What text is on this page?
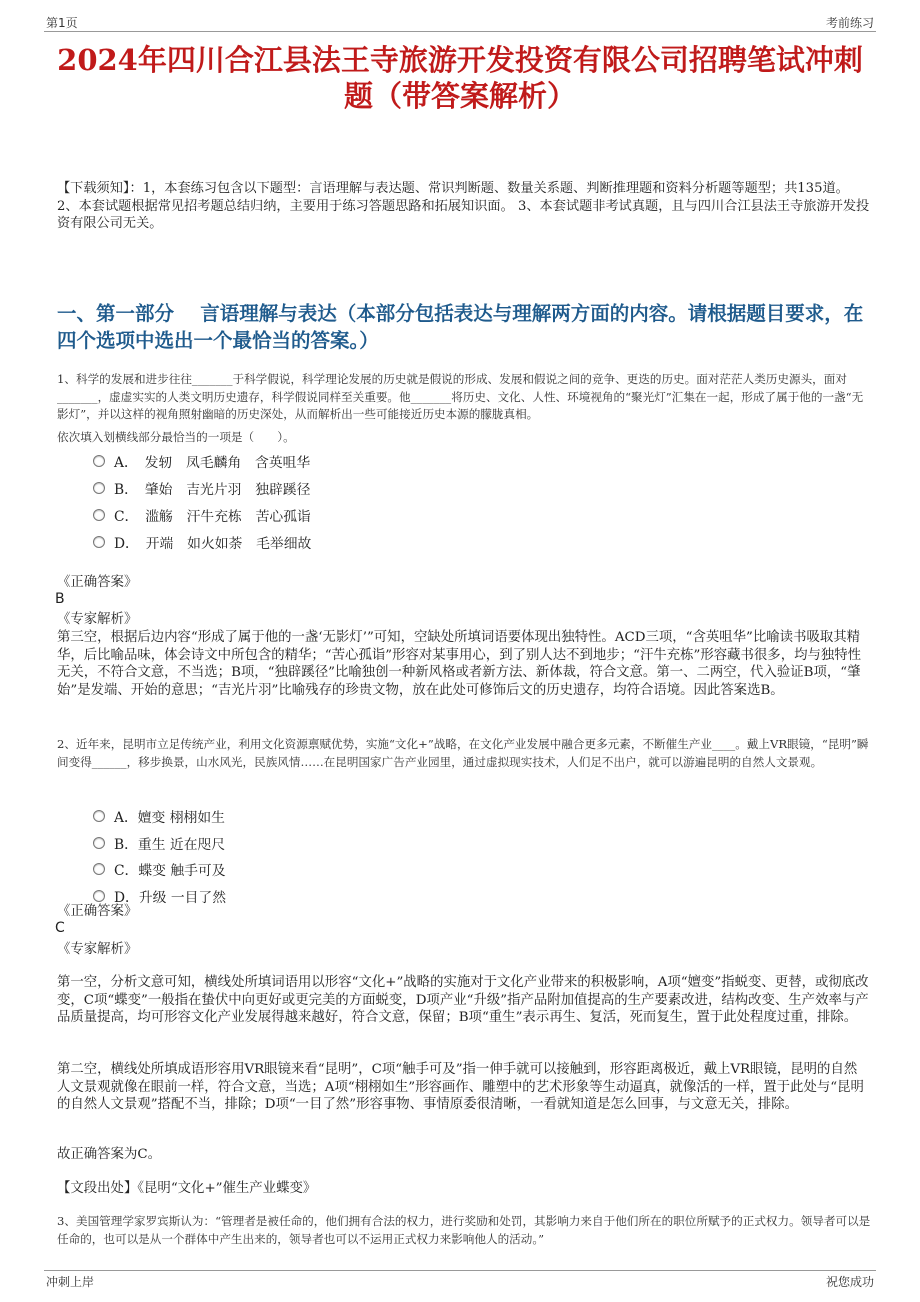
第1页	考前练习
2024年四川合江县法王寺旅游开发投资有限公司招聘笔试冲刺题（带答案解析）

【下载须知】：1，本套练习包含以下题型：言语理解与表达题、常识判断题、数量关系题、判断推理题和资料分析题等题型；共135道。 2、本套试题根据常见招考题总结归纳，主要用于练习答题思路和拓展知识面。 3、本套试题非考试真题，且与四川合江县法王寺旅游开发投资有限公司无关。

一、第一部分　 言语理解与表达（本部分包括表达与理解两方面的内容。请根据题目要求，在四个选项中选出一个最恰当的答案。）

1、科学的发展和进步往往_______于科学假说，科学理论发展的历史就是假说的形成、发展和假说之间的竞争、更迭的历史。面对茫茫人类历史源头，面对_______，虚虚实实的人类文明历史遗存，科学假说同样至关重要。他_______将历史、文化、人性、环境视角的“聚光灯”汇集在一起，形成了属于他的一盏“无影灯”，并以这样的视角照射幽暗的历史深处，从而解析出一些可能接近历史本源的朦胧真相。

依次填入划横线部分最恰当的一项是（　　）。

A．　发轫　凤毛麟角　含英咀华
B．　肇始　吉光片羽　独辟蹊径
C．　滥觞　汗牛充栋　苦心孤诣
D．　开端　如火如荼　毛举细故
《正确答案》
B
《专家解析》

第三空，根据后边内容“形成了属于他的一盏‘无影灯’”可知，空缺处所填词语要体现出独特性。ACD三项，“含英咀华”比喻读书吸取其精华，后比喻品味，体会诗文中所包含的精华；“苦心孤诣”形容对某事用心，到了别人达不到地步；“汗牛充栋”形容藏书很多，均与独特性无关，不符合文意，不当选；B项，“独辟蹊径”比喻独创一种新风格或者新方法、新体裁，符合文意。第一、二两空，代入验证B项，“肇始”是发端、开始的意思；“吉光片羽”比喻残存的珍贵文物，放在此处可修饰后文的历史遗存，均符合语境。因此答案选B。

2、近年来，昆明市立足传统产业，利用文化资源禀赋优势，实施“文化+”战略，在文化产业发展中融合更多元素，不断催生产业____。戴上VR眼镜，“昆明”瞬间变得______，移步换景，山水风光，民族风情……在昆明国家广告产业园里，通过虚拟现实技术，人们足不出户，就可以游遍昆明的自然人文景观。

A．嬗变 栩栩如生
B．重生 近在咫尺
C．蝶变 触手可及
D．升级 一目了然
《正确答案》
C
《专家解析》

第一空，分析文意可知，横线处所填词语用以形容“文化+”战略的实施对于文化产业带来的积极影响，A项“嬗变”指蜕变、更替，或彻底改变，C项“蝶变”一般指在蛰伏中向更好或更完美的方面蜕变，D项产业“升级”指产品附加值提高的生产要素改进，结构改变、生产效率与产品质量提高，均可形容文化产业发展得越来越好，符合文意，保留；B项“重生”表示再生、复活，死而复生，置于此处程度过重，排除。

第二空，横线处所填成语形容用VR眼镜来看“昆明”，C项“触手可及”指一伸手就可以接触到，形容距离极近，戴上VR眼镜，昆明的自然人文景观就像在眼前一样，符合文意，当选；A项“栩栩如生”形容画作、雕塑中的艺术形象等生动逼真，就像活的一样，置于此处与“昆明的自然人文景观”搭配不当，排除；D项“一目了然”形容事物、事情原委很清晰，一看就知道是怎么回事，与文意无关，排除。

故正确答案为C。

【文段出处】《昆明“文化+”催生产业蝶变》

3、美国管理学家罗宾斯认为：“管理者是被任命的，他们拥有合法的权力，进行奖励和处罚，其影响力来自于他们所在的职位所赋予的正式权力。领导者可以是任命的，也可以是从一个群体中产生出来的，领导者也可以不运用正式权力来影响他人的活动。”

冲刺上岸	祝您成功
